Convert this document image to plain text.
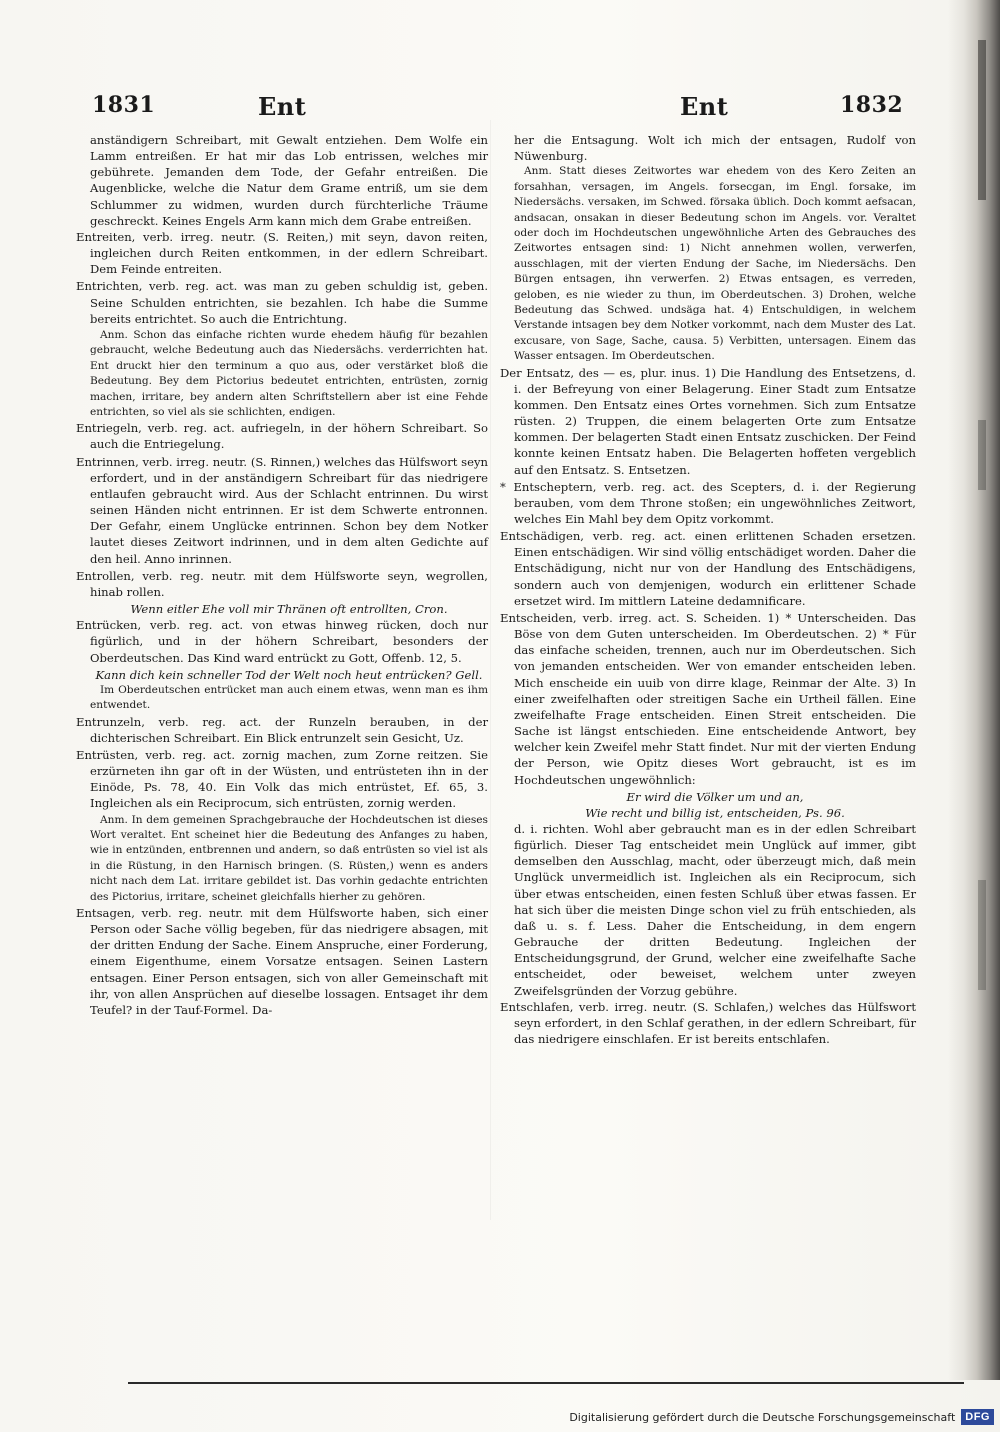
1831	Ent	Ent	1832

anständigern Schreibart, mit Gewalt entziehen. Dem Wolfe ein Lamm entreißen. Er hat mir das Lob entrissen, welches mir gebührete. Jemanden dem Tode, der Gefahr entreißen. Die Augenblicke, welche die Natur dem Grame entriß, um sie dem Schlummer zu widmen, wurden durch fürchterliche Träume geschreckt. Keines Engels Arm kann mich dem Grabe entreißen.

Entreiten, verb. irreg. neutr. (S. Reiten,) mit seyn, davon reiten, ingleichen durch Reiten entkommen, in der edlern Schreibart. Dem Feinde entreiten.

Entrichten, verb. reg. act. was man zu geben schuldig ist, geben. Seine Schulden entrichten, sie bezahlen. Ich habe die Summe bereits entrichtet. So auch die Entrichtung.

Anm. Schon das einfache richten wurde ehedem häufig für bezahlen gebraucht, welche Bedeutung auch das Niedersächs. verderrichten hat. Ent druckt hier den terminum a quo aus, oder verstärket bloß die Bedeutung. Bey dem Pictorius bedeutet entrichten, entrüsten, zornig machen, irritare, bey andern alten Schriftstellern aber ist eine Fehde entrichten, so viel als sie schlichten, endigen.

Entriegeln, verb. reg. act. aufriegeln, in der höhern Schreibart. So auch die Entriegelung.

Entrinnen, verb. irreg. neutr. (S. Rinnen,) welches das Hülfswort seyn erfordert, und in der anständigern Schreibart für das niedrigere entlaufen gebraucht wird. Aus der Schlacht entrinnen. Du wirst seinen Händen nicht entrinnen. Er ist dem Schwerte entronnen. Der Gefahr, einem Unglücke entrinnen. Schon bey dem Notker lautet dieses Zeitwort indrinnen, und in dem alten Gedichte auf den heil. Anno inrinnen.

Entrollen, verb. reg. neutr. mit dem Hülfsworte seyn, wegrollen, hinab rollen.

Wenn eitler Ehe voll mir Thränen oft entrollten, Cron.

Entrücken, verb. reg. act. von etwas hinweg rücken, doch nur figürlich, und in der höhern Schreibart, besonders der Oberdeutschen. Das Kind ward entrückt zu Gott, Offenb. 12, 5.

Kann dich kein schneller Tod der Welt noch heut entrücken? Gell.

Im Oberdeutschen entrücket man auch einem etwas, wenn man es ihm entwendet.

Entrunzeln, verb. reg. act. der Runzeln berauben, in der dichterischen Schreibart. Ein Blick entrunzelt sein Gesicht, Uz.

Entrüsten, verb. reg. act. zornig machen, zum Zorne reitzen. Sie erzürneten ihn gar oft in der Wüsten, und entrüsteten ihn in der Einöde, Ps. 78, 40. Ein Volk das mich entrüstet, Ef. 65, 3. Ingleichen als ein Reciprocum, sich entrüsten, zornig werden.

Anm. In dem gemeinen Sprachgebrauche der Hochdeutschen ist dieses Wort veraltet. Ent scheinet hier die Bedeutung des Anfanges zu haben, wie in entzünden, entbrennen und andern, so daß entrüsten so viel ist als in die Rüstung, in den Harnisch bringen. (S. Rüsten,) wenn es anders nicht nach dem Lat. irritare gebildet ist. Das vorhin gedachte entrichten des Pictorius, irritare, scheinet gleichfalls hierher zu gehören.

Entsagen, verb. reg. neutr. mit dem Hülfsworte haben, sich einer Person oder Sache völlig begeben, für das niedrigere absagen, mit der dritten Endung der Sache. Einem Anspruche, einer Forderung, einem Eigenthume, einem Vorsatze entsagen. Seinen Lastern entsagen. Einer Person entsagen, sich von aller Gemeinschaft mit ihr, von allen Ansprüchen auf dieselbe lossagen. Entsaget ihr dem Teufel? in der Tauf-Formel. Da-

her die Entsagung. Wolt ich mich der entsagen, Rudolf von Nüwenburg.

Anm. Statt dieses Zeitwortes war ehedem von des Kero Zeiten an forsahhan, versagen, im Angels. forsecgan, im Engl. forsake, im Niedersächs. versaken, im Schwed. försaka üblich. Doch kommt aefsacan, andsacan, onsakan in dieser Bedeutung schon im Angels. vor. Veraltet oder doch im Hochdeutschen ungewöhnliche Arten des Gebrauches des Zeitwortes entsagen sind: 1) Nicht annehmen wollen, verwerfen, ausschlagen, mit der vierten Endung der Sache, im Niedersächs. Den Bürgen entsagen, ihn verwerfen. 2) Etwas entsagen, es verreden, geloben, es nie wieder zu thun, im Oberdeutschen. 3) Drohen, welche Bedeutung das Schwed. undsäga hat. 4) Entschuldigen, in welchem Verstande intsagen bey dem Notker vorkommt, nach dem Muster des Lat. excusare, von Sage, Sache, causa. 5) Verbitten, untersagen. Einem das Wasser entsagen. Im Oberdeutschen.

Der Entsatz, des — es, plur. inus. 1) Die Handlung des Entsetzens, d. i. der Befreyung von einer Belagerung. Einer Stadt zum Entsatze kommen. Den Entsatz eines Ortes vornehmen. Sich zum Entsatze rüsten. 2) Truppen, die einem belagerten Orte zum Entsatze kommen. Der belagerten Stadt einen Entsatz zuschicken. Der Feind konnte keinen Entsatz haben. Die Belagerten hoffeten vergeblich auf den Entsatz. S. Entsetzen.

* Entscheptern, verb. reg. act. des Scepters, d. i. der Regierung berauben, vom dem Throne stoßen; ein ungewöhnliches Zeitwort, welches Ein Mahl bey dem Opitz vorkommt.

Entschädigen, verb. reg. act. einen erlittenen Schaden ersetzen. Einen entschädigen. Wir sind völlig entschädiget worden. Daher die Entschädigung, nicht nur von der Handlung des Entschädigens, sondern auch von demjenigen, wodurch ein erlittener Schade ersetzet wird. Im mittlern Lateine dedamnificare.

Entscheiden, verb. irreg. act. S. Scheiden. 1) * Unterscheiden. Das Böse von dem Guten unterscheiden. Im Oberdeutschen. 2) * Für das einfache scheiden, trennen, auch nur im Oberdeutschen. Sich von jemanden entscheiden. Wer von emander entscheiden leben. Mich enscheide ein uuib von dirre klage, Reinmar der Alte. 3) In einer zweifelhaften oder streitigen Sache ein Urtheil fällen. Eine zweifelhafte Frage entscheiden. Einen Streit entscheiden. Die Sache ist längst entschieden. Eine entscheidende Antwort, bey welcher kein Zweifel mehr Statt findet. Nur mit der vierten Endung der Person, wie Opitz dieses Wort gebraucht, ist es im Hochdeutschen ungewöhnlich:

Er wird die Völker um und an,

Wie recht und billig ist, entscheiden, Ps. 96.

d. i. richten. Wohl aber gebraucht man es in der edlen Schreibart figürlich. Dieser Tag entscheidet mein Unglück auf immer, gibt demselben den Ausschlag, macht, oder überzeugt mich, daß mein Unglück unvermeidlich ist. Ingleichen als ein Reciprocum, sich über etwas entscheiden, einen festen Schluß über etwas fassen. Er hat sich über die meisten Dinge schon viel zu früh entschieden, als daß u. s. f. Less. Daher die Entscheidung, in dem engern Gebrauche der dritten Bedeutung. Ingleichen der Entscheidungsgrund, der Grund, welcher eine zweifelhafte Sache entscheidet, oder beweiset, welchem unter zweyen Zweifelsgründen der Vorzug gebühre.

Entschlafen, verb. irreg. neutr. (S. Schlafen,) welches das Hülfswort seyn erfordert, in den Schlaf gerathen, in der edlern Schreibart, für das niedrigere einschlafen. Er ist bereits entschlafen.

Digitalisierung gefördert durch die Deutsche Forschungsgemeinschaft DFG
